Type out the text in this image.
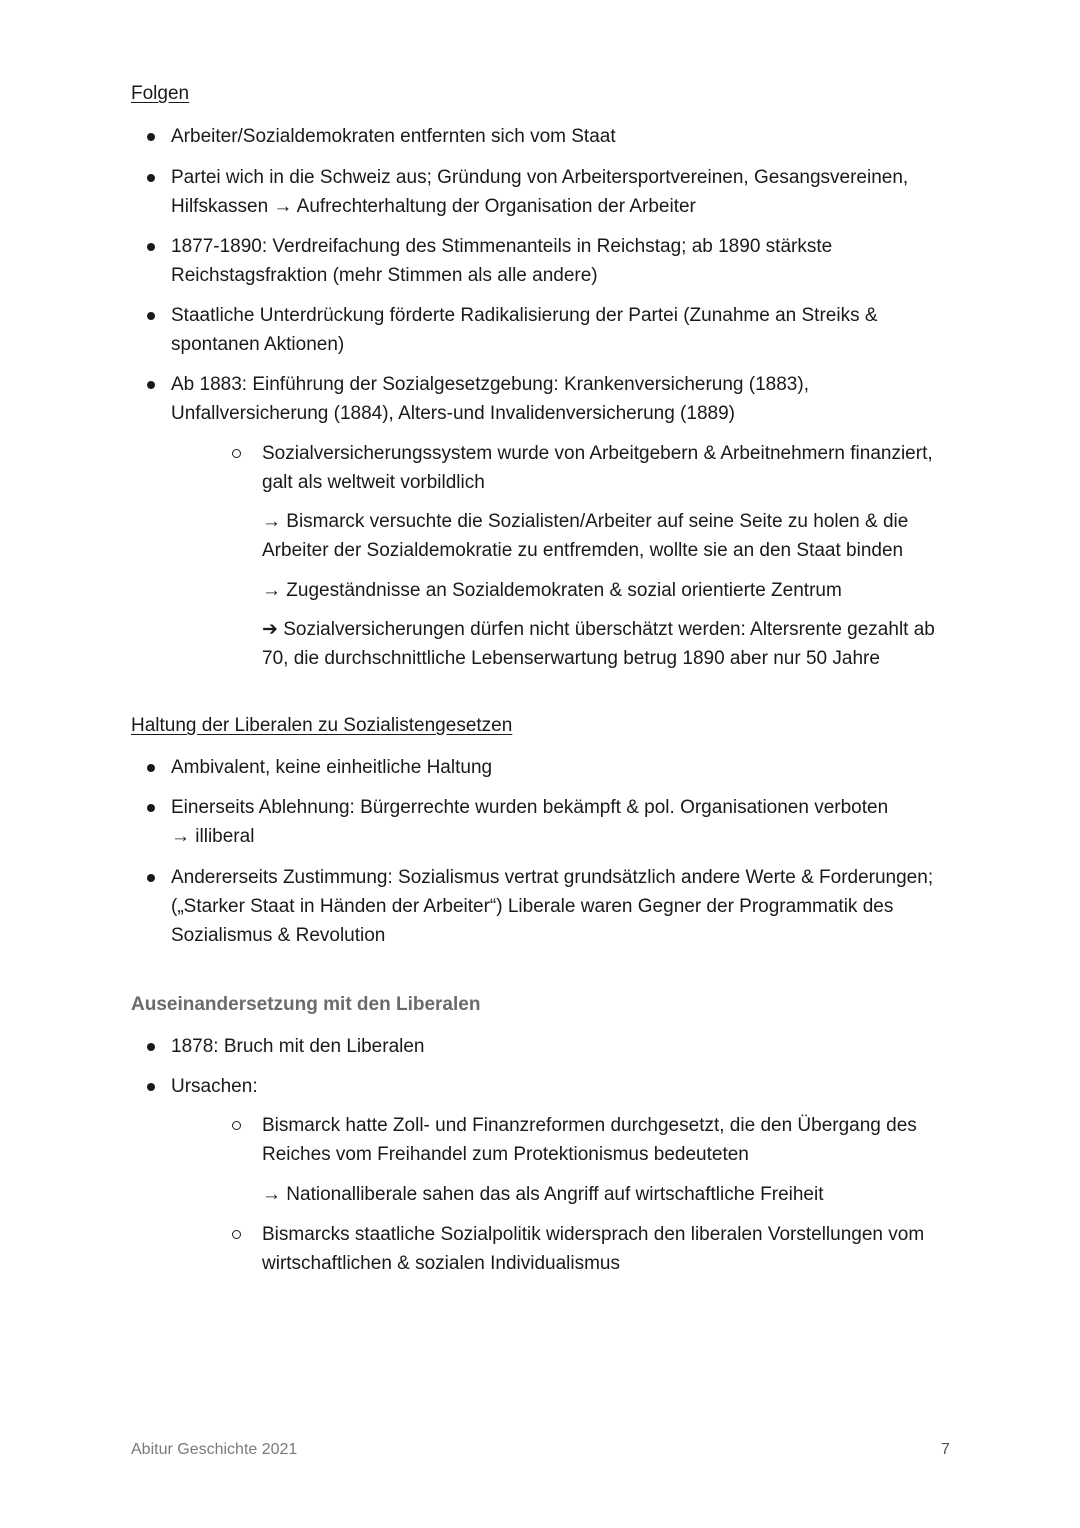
Folgen
Arbeiter/Sozialdemokraten entfernten sich vom Staat
Partei wich in die Schweiz aus; Gründung von Arbeitersportvereinen, Gesangsvereinen, Hilfskassen → Aufrechterhaltung der Organisation der Arbeiter
1877-1890: Verdreifachung des Stimmenanteils in Reichstag; ab 1890 stärkste Reichstagsfraktion (mehr Stimmen als alle andere)
Staatliche Unterdrückung förderte Radikalisierung der Partei (Zunahme an Streiks & spontanen Aktionen)
Ab 1883: Einführung der Sozialgesetzgebung: Krankenversicherung (1883), Unfallversicherung (1884), Alters-und Invalidenversicherung (1889)
Sozialversicherungssystem wurde von Arbeitgebern & Arbeitnehmern finanziert, galt als weltweit vorbildlich
→ Bismarck versuchte die Sozialisten/Arbeiter auf seine Seite zu holen & die Arbeiter der Sozialdemokratie zu entfremden, wollte sie an den Staat binden
→ Zugeständnisse an Sozialdemokraten & sozial orientierte Zentrum
➔ Sozialversicherungen dürfen nicht überschätzt werden: Altersrente gezahlt ab 70, die durchschnittliche Lebenserwartung betrug 1890 aber nur 50 Jahre
Haltung der Liberalen zu Sozialistengesetzen
Ambivalent, keine einheitliche Haltung
Einerseits Ablehnung: Bürgerrechte wurden bekämpft & pol. Organisationen verboten
→ illiberal
Andererseits Zustimmung: Sozialismus vertrat grundsätzlich andere Werte & Forderungen; („Starker Staat in Händen der Arbeiter“) Liberale waren Gegner der Programmatik des Sozialismus & Revolution
Auseinandersetzung mit den Liberalen
1878: Bruch mit den Liberalen
Ursachen:
Bismarck hatte Zoll- und Finanzreformen durchgesetzt, die den Übergang des Reiches vom Freihandel zum Protektionismus bedeuteten
→ Nationalliberale sahen das als Angriff auf wirtschaftliche Freiheit
Bismarcks staatliche Sozialpolitik widersprach den liberalen Vorstellungen vom wirtschaftlichen & sozialen Individualismus
Abitur Geschichte 2021	7
